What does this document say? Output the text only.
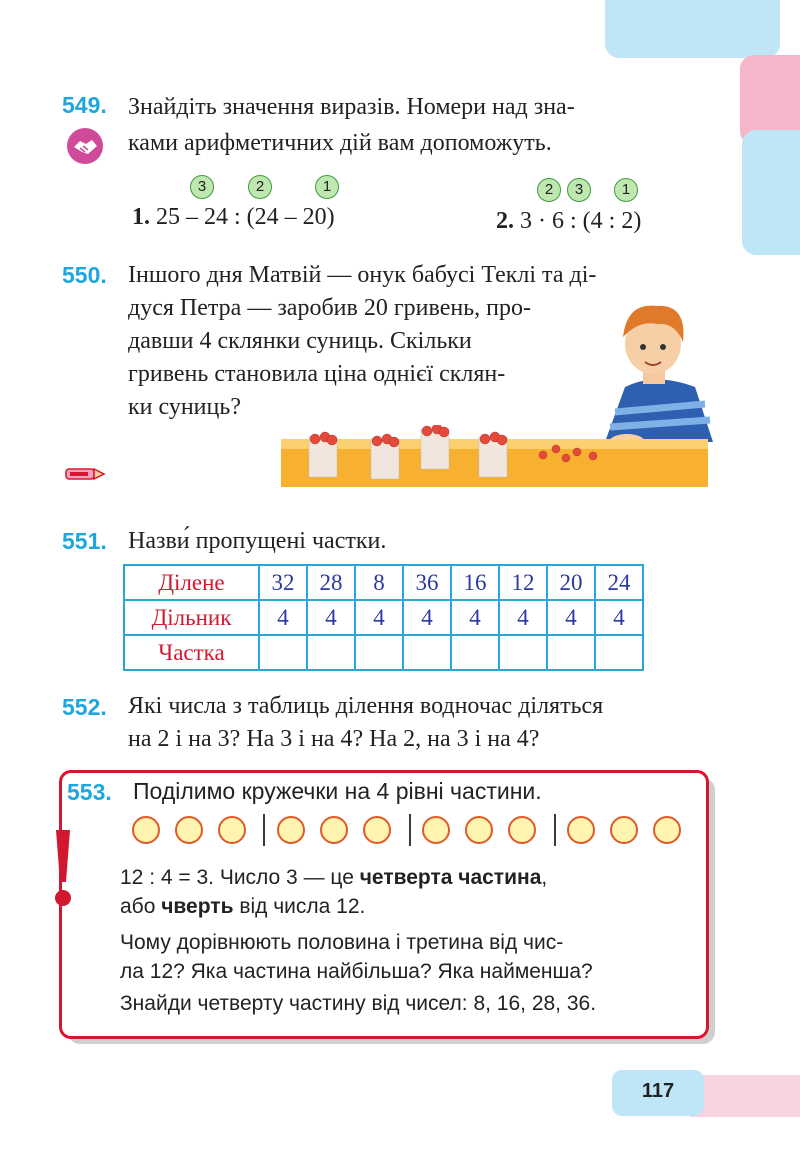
549. Знайдіть значення виразів. Номери над зна-
ками арифметичних дій вам допоможуть.
3	2	1
1. 25 – 24 : (24 – 20)
2	3	1
2. 3 · 6 : (4 : 2)
550. Іншого дня Матвій — онук бабусі Теклі та ді-
дуся Петра — заробив 20 гривень, про-
давши 4 склянки суниць. Скільки
гривень становила ціна однієї склян-
ки суниць?
551. Назви́ пропущені частки.
Ділене	32	28	8	36	16	12	20	24
Дільник	4	4	4	4	4	4	4	4
Частка								
552. Які числа з таблиць ділення водночас діляться
на 2 і на 3? На 3 і на 4? На 2, на 3 і на 4?
553. Поділимо кружечки на 4 рівні частини.
12 : 4 = 3. Число 3 — це четверта частина,
або чверть від числа 12.
Чому дорівнюють половина і третина від чис-
ла 12? Яка частина найбільша? Яка найменша?
Знайди четверту частину від чисел: 8, 16, 28, 36.
117
